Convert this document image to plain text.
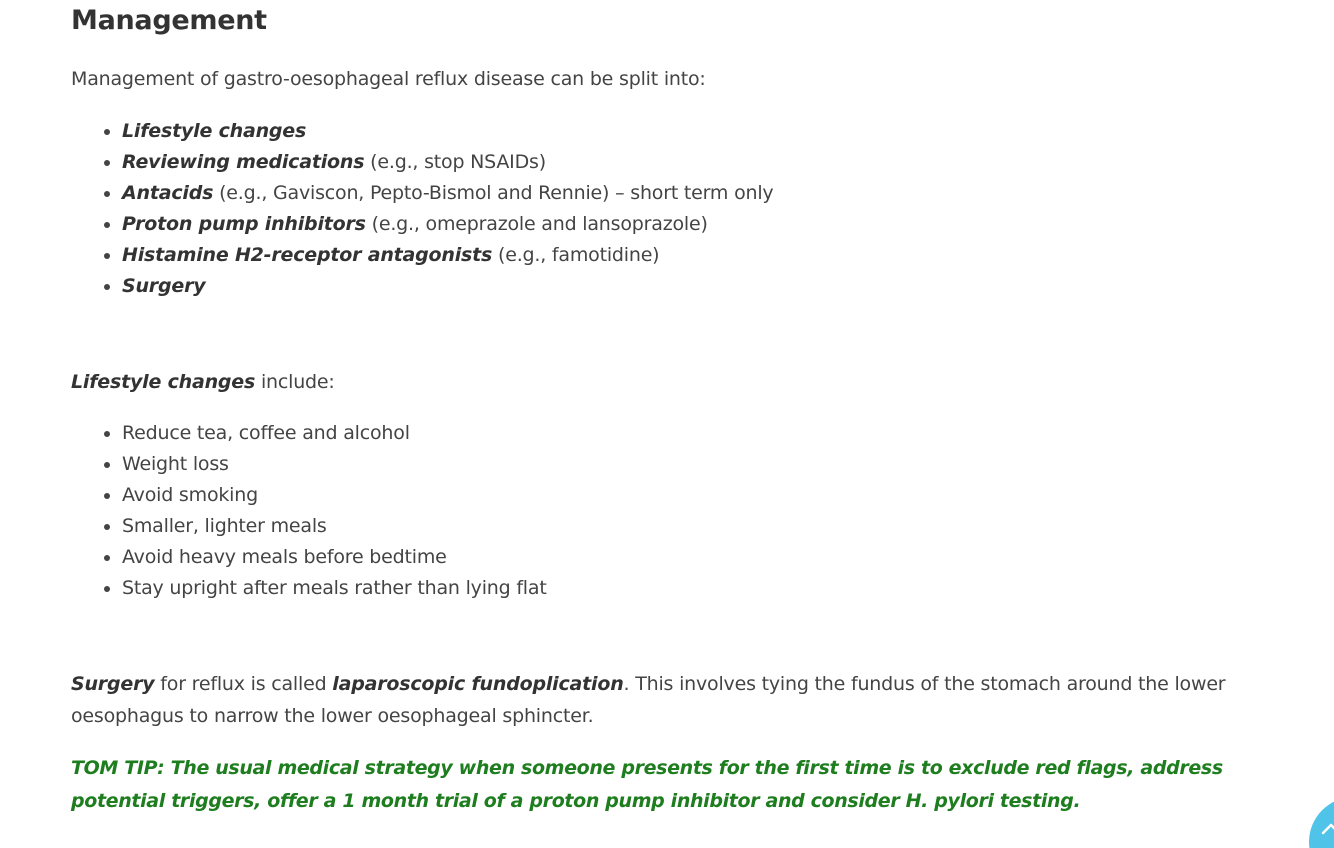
Management
Management of gastro-oesophageal reflux disease can be split into:
• Lifestyle changes
• Reviewing medications (e.g., stop NSAIDs)
• Antacids (e.g., Gaviscon, Pepto-Bismol and Rennie) – short term only
• Proton pump inhibitors (e.g., omeprazole and lansoprazole)
• Histamine H2-receptor antagonists (e.g., famotidine)
• Surgery
Lifestyle changes include:
• Reduce tea, coffee and alcohol
• Weight loss
• Avoid smoking
• Smaller, lighter meals
• Avoid heavy meals before bedtime
• Stay upright after meals rather than lying flat
Surgery for reflux is called laparoscopic fundoplication. This involves tying the fundus of the stomach around the lower oesophagus to narrow the lower oesophageal sphincter.
TOM TIP: The usual medical strategy when someone presents for the first time is to exclude red flags, address potential triggers, offer a 1 month trial of a proton pump inhibitor and consider H. pylori testing.
